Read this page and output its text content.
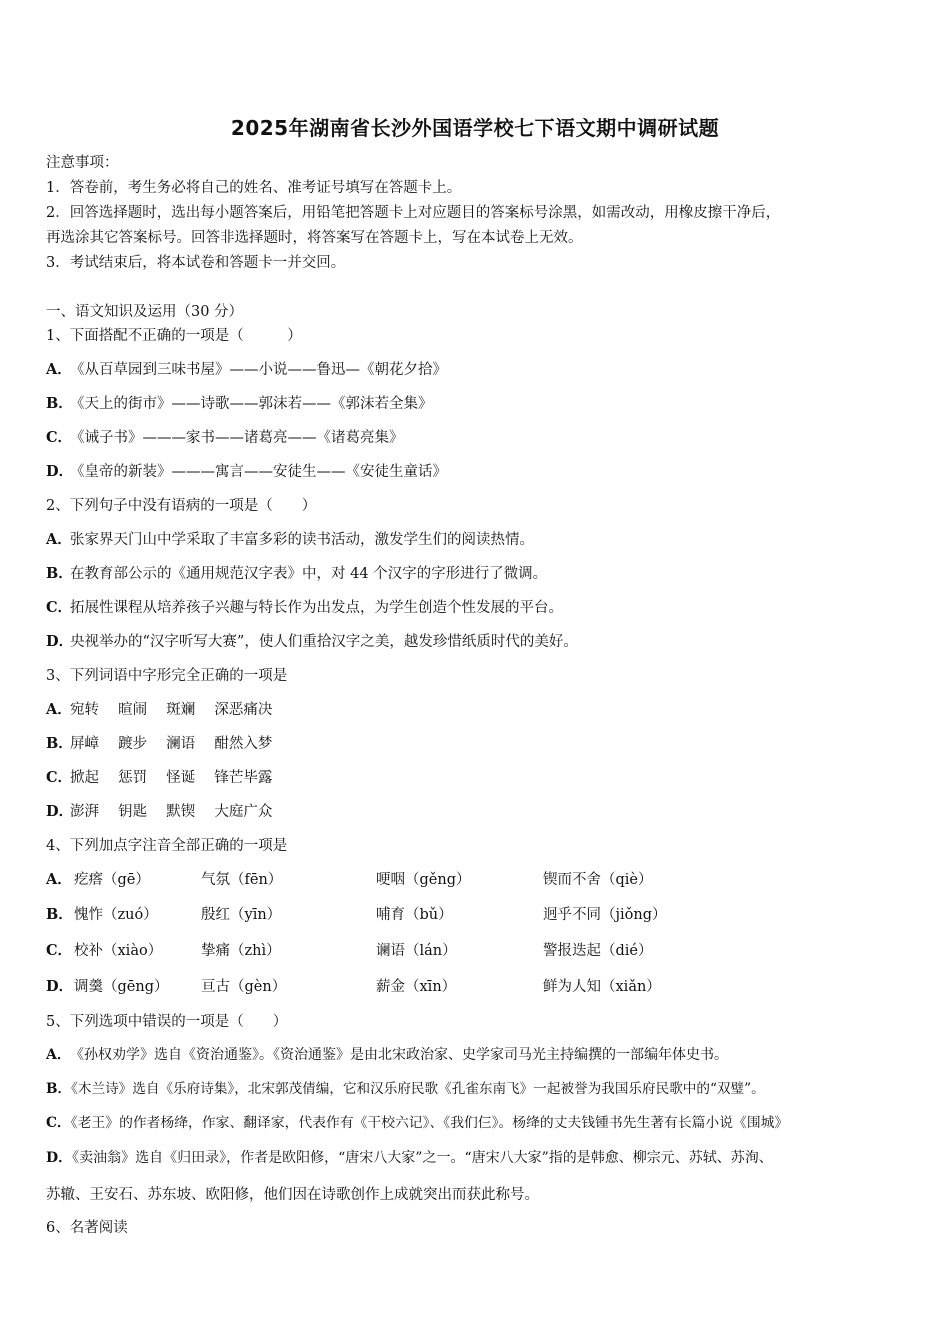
2025年湖南省长沙外国语学校七下语文期中调研试题
注意事项：
1．答卷前，考生务必将自己的姓名、准考证号填写在答题卡上。
2．回答选择题时，选出每小题答案后，用铅笔把答题卡上对应题目的答案标号涂黑，如需改动，用橡皮擦干净后，
再选涂其它答案标号。回答非选择题时，将答案写在答题卡上，写在本试卷上无效。
3．考试结束后，将本试卷和答题卡一并交回。
一、语文知识及运用（30 分）
1、下面搭配不正确的一项是（　　　）
A．《从百草园到三味书屋》——小说——鲁迅—《朝花夕拾》
B．《天上的街市》——诗歌——郭沫若——《郭沫若全集》
C．《诫子书》———家书——诸葛亮——《诸葛亮集》
D．《皇帝的新装》———寓言——安徒生——《安徒生童话》
2、下列句子中没有语病的一项是（　　）
A．张家界天门山中学采取了丰富多彩的读书活动，激发学生们的阅读热情。
B．在教育部公示的《通用规范汉字表》中，对 44 个汉字的字形进行了微调。
C．拓展性课程从培养孩子兴趣与特长作为出发点，为学生创造个性发展的平台。
D．央视举办的“汉字听写大赛”，使人们重拾汉字之美，越发珍惜纸质时代的美好。
3、下列词语中字形完全正确的一项是
A．宛转　 暄闹　 斑斓　 深恶痛决
B．屏嶂　 踱步　 澜语　 酣然入梦
C．掀起　 惩罚　 怪诞　 锋芒毕露
D．澎湃　 钥匙　 默锲　 大庭广众
4、下列加点字注音全部正确的一项是
A． 疙瘩（gē）	气氛（fēn）	哽咽（gěng）	锲而不舍（qiè）
B． 愧怍（zuó）	殷红（yīn）	哺育（bǔ）	迥乎不同（jiǒng）
C． 校补（xiào）	挚痛（zhì）	谰语（lán）	警报迭起（dié）
D． 调羹（gēng） 亘古（gèn）	薪金（xīn）	鲜为人知（xiǎn）
5、下列选项中错误的一项是（　　）
A．《孙权劝学》选自《资治通鉴》。《资治通鉴》是由北宋政治家、史学家司马光主持编撰的一部编年体史书。
B．《木兰诗》选自《乐府诗集》，北宋郭茂倩编，它和汉乐府民歌《孔雀东南飞》一起被誉为我国乐府民歌中的“双璧”。
C．《老王》的作者杨绛，作家、翻译家，代表作有《干校六记》、《我们仨》。杨绛的丈夫钱锺书先生著有长篇小说《围城》
D．《卖油翁》选自《归田录》，作者是欧阳修，“唐宋八大家”之一。“唐宋八大家”指的是韩愈、柳宗元、苏轼、苏洵、
苏辙、王安石、苏东坡、欧阳修，他们因在诗歌创作上成就突出而获此称号。
6、名著阅读
